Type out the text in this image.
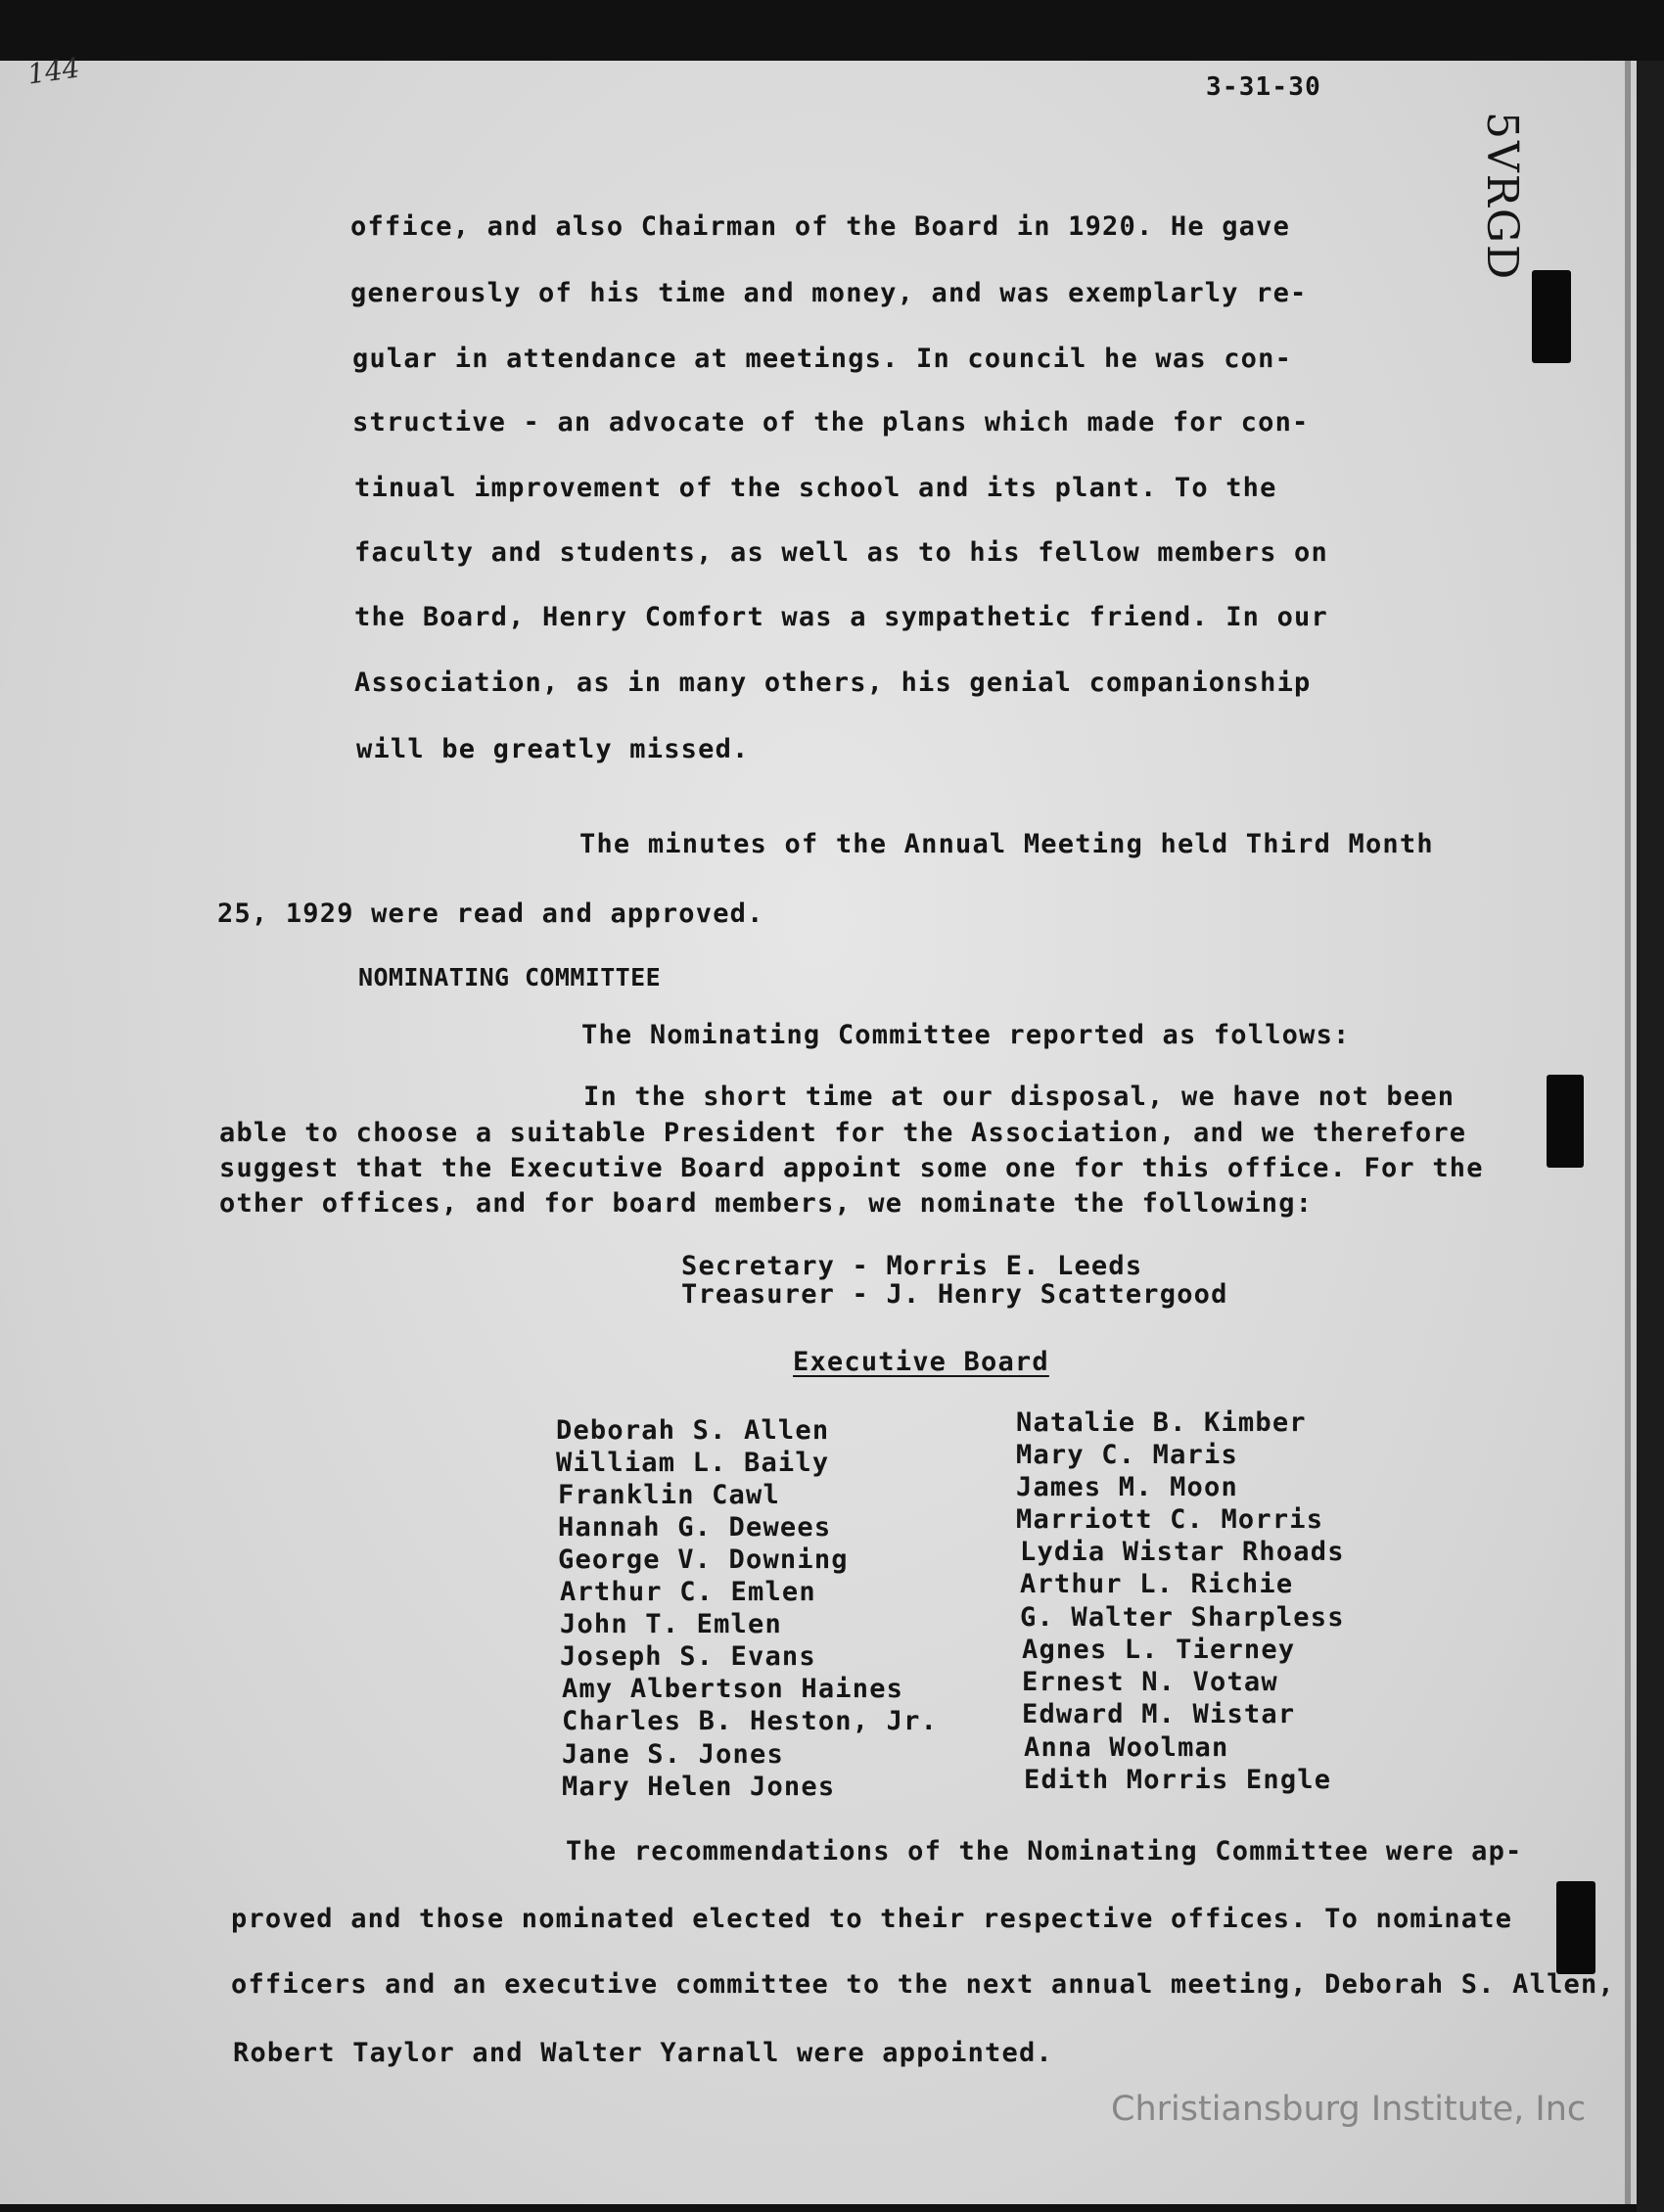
144	3-31-30
5VRGD
office, and also Chairman of the Board in 1920. He gave
generously of his time and money, and was exemplarly re-
gular in attendance at meetings. In council he was con-
structive - an advocate of the plans which made for con-
tinual improvement of the school and its plant. To the
faculty and students, as well as to his fellow members on
the Board, Henry Comfort was a sympathetic friend. In our
Association, as in many others, his genial companionship
will be greatly missed.
The minutes of the Annual Meeting held Third Month
25, 1929 were read and approved.
NOMINATING COMMITTEE
The Nominating Committee reported as follows:
In the short time at our disposal, we have not been
able to choose a suitable President for the Association, and we therefore
suggest that the Executive Board appoint some one for this office. For the
other offices, and for board members, we nominate the following:
Secretary - Morris E. Leeds
Treasurer - J. Henry Scattergood
Executive Board
Deborah S. Allen
William L. Baily
Franklin Cawl
Hannah G. Dewees
George V. Downing
Arthur C. Emlen
John T. Emlen
Joseph S. Evans
Amy Albertson Haines
Charles B. Heston, Jr.
Jane S. Jones
Mary Helen Jones
Natalie B. Kimber
Mary C. Maris
James M. Moon
Marriott C. Morris
Lydia Wistar Rhoads
Arthur L. Richie
G. Walter Sharpless
Agnes L. Tierney
Ernest N. Votaw
Edward M. Wistar
Anna Woolman
Edith Morris Engle
The recommendations of the Nominating Committee were ap-
proved and those nominated elected to their respective offices. To nominate
officers and an executive committee to the next annual meeting, Deborah S. Allen,
Robert Taylor and Walter Yarnall were appointed.
Christiansburg Institute, Inc
